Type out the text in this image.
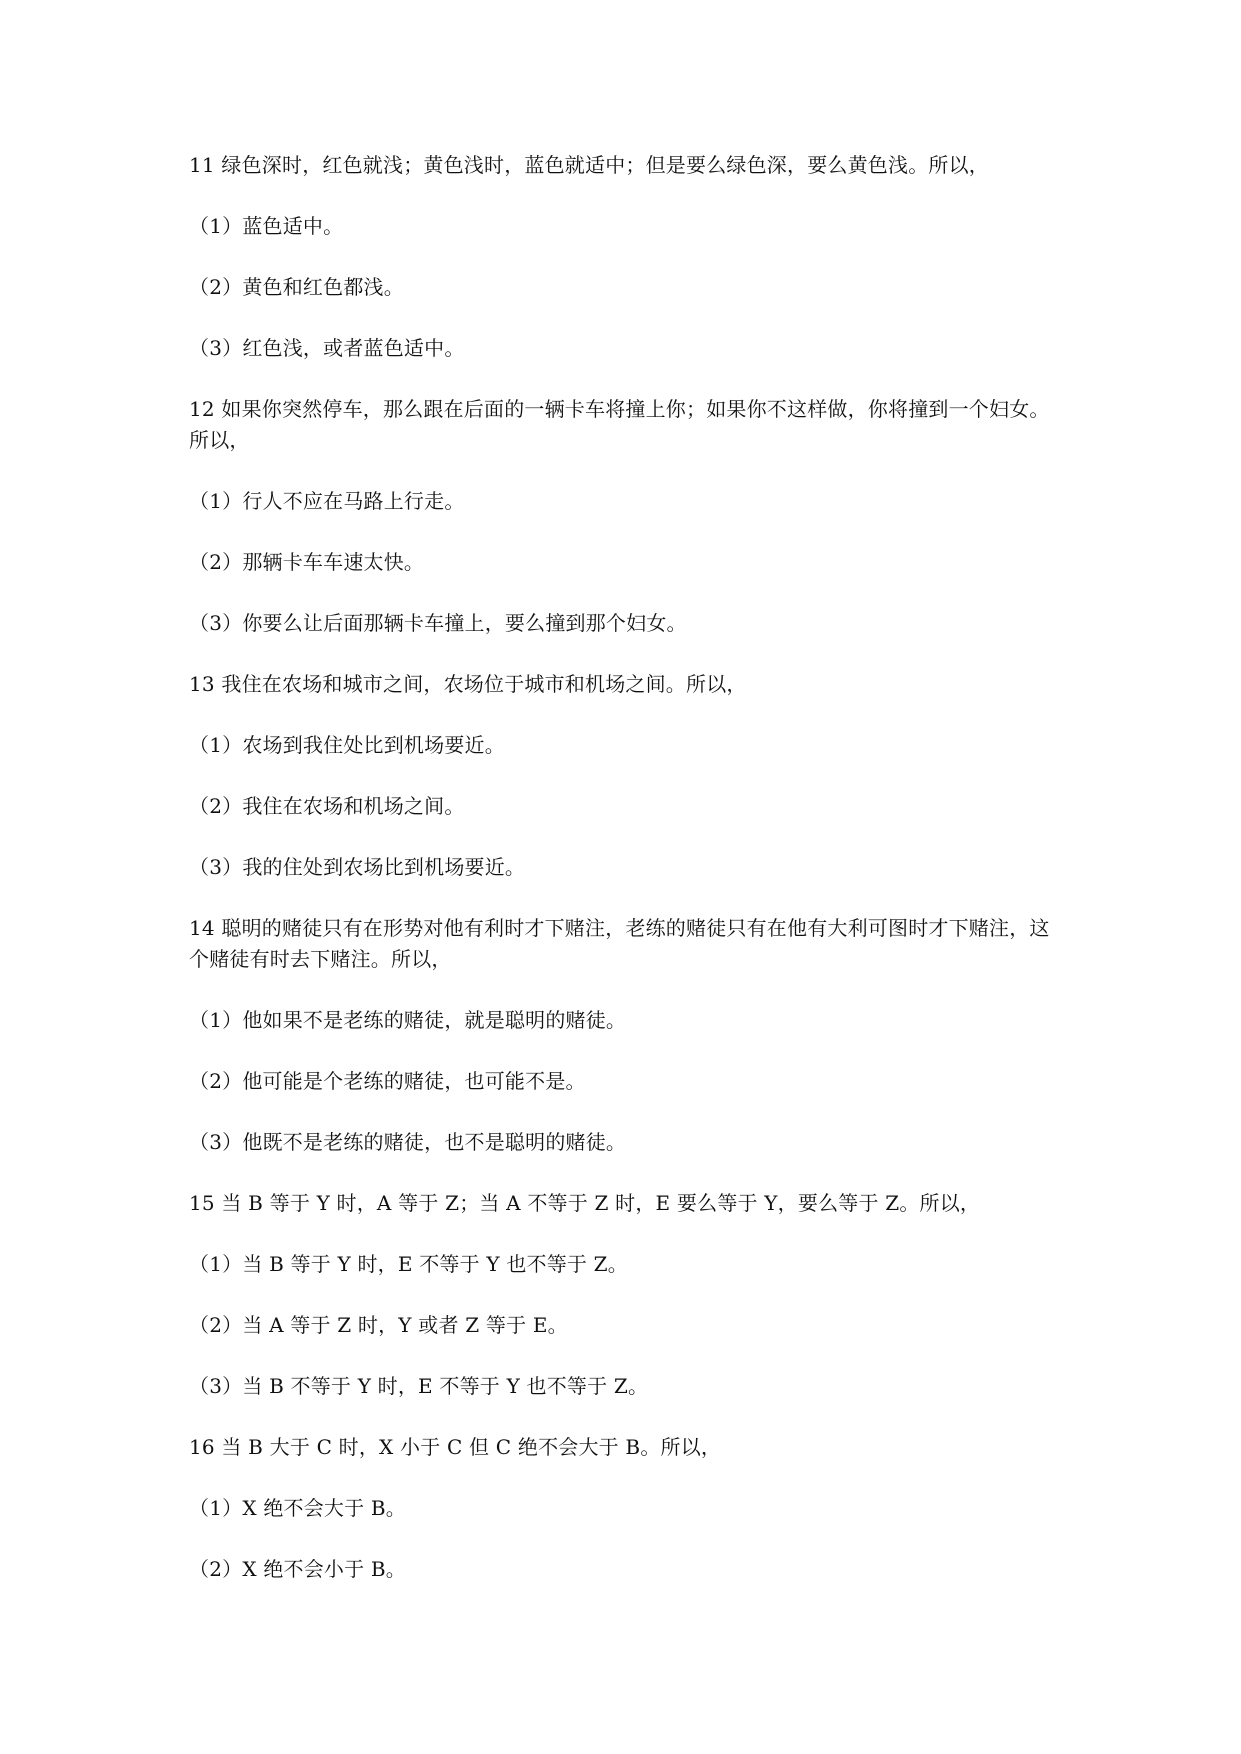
11 绿色深时，红色就浅；黄色浅时，蓝色就适中；但是要么绿色深，要么黄色浅。所以，

（1）蓝色适中。

（2）黄色和红色都浅。

（3）红色浅，或者蓝色适中。

12 如果你突然停车，那么跟在后面的一辆卡车将撞上你；如果你不这样做，你将撞到一个妇女。所以，

（1）行人不应在马路上行走。

（2）那辆卡车车速太快。

（3）你要么让后面那辆卡车撞上，要么撞到那个妇女。

13 我住在农场和城市之间，农场位于城市和机场之间。所以，

（1）农场到我住处比到机场要近。

（2）我住在农场和机场之间。

（3）我的住处到农场比到机场要近。

14 聪明的赌徒只有在形势对他有利时才下赌注，老练的赌徒只有在他有大利可图时才下赌注，这个赌徒有时去下赌注。所以，

（1）他如果不是老练的赌徒，就是聪明的赌徒。

（2）他可能是个老练的赌徒，也可能不是。

（3）他既不是老练的赌徒，也不是聪明的赌徒。

15 当 B 等于 Y 时，A 等于 Z；当 A 不等于 Z 时，E 要么等于 Y，要么等于 Z。所以，

（1）当 B 等于 Y 时，E 不等于 Y 也不等于 Z。

（2）当 A 等于 Z 时，Y 或者 Z 等于 E。

（3）当 B 不等于 Y 时，E 不等于 Y 也不等于 Z。

16 当 B 大于 C 时，X 小于 C 但 C 绝不会大于 B。所以，

（1）X 绝不会大于 B。

（2）X 绝不会小于 B。
